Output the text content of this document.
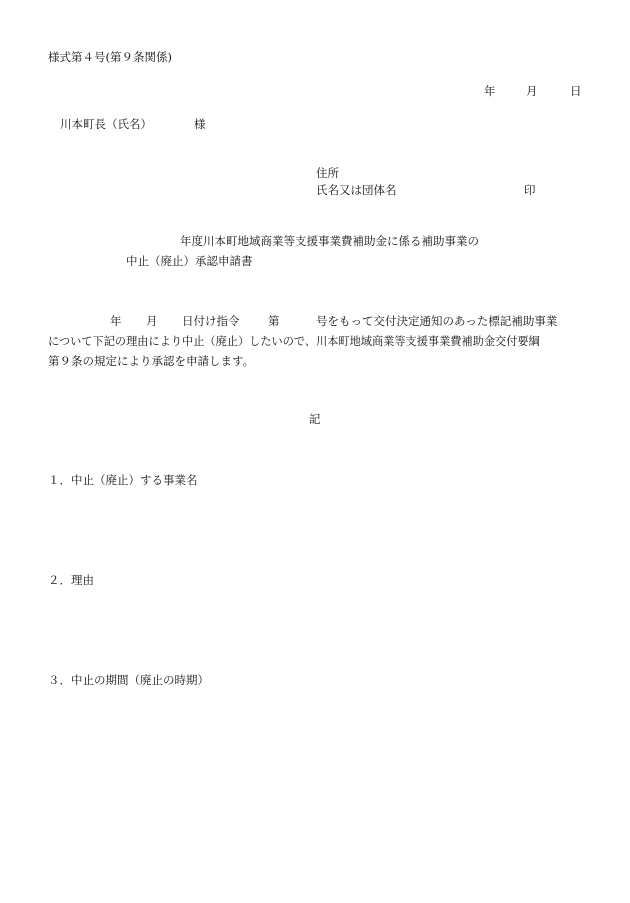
様式第４号(第９条関係)
年	月	日
川本町長（氏名）	様
住所
氏名又は団体名	印
年度川本町地域商業等支援事業費補助金に係る補助事業の
中止（廃止）承認申請書
年 月 日付け指令 第	号をもって交付決定通知のあった標記補助事業
について下記の理由により中止（廃止）したいので、川本町地域商業等支援事業費補助金交付要綱
第９条の規定により承認を申請します。
記
１．中止（廃止）する事業名
２．理由
３．中止の期間（廃止の時期）
